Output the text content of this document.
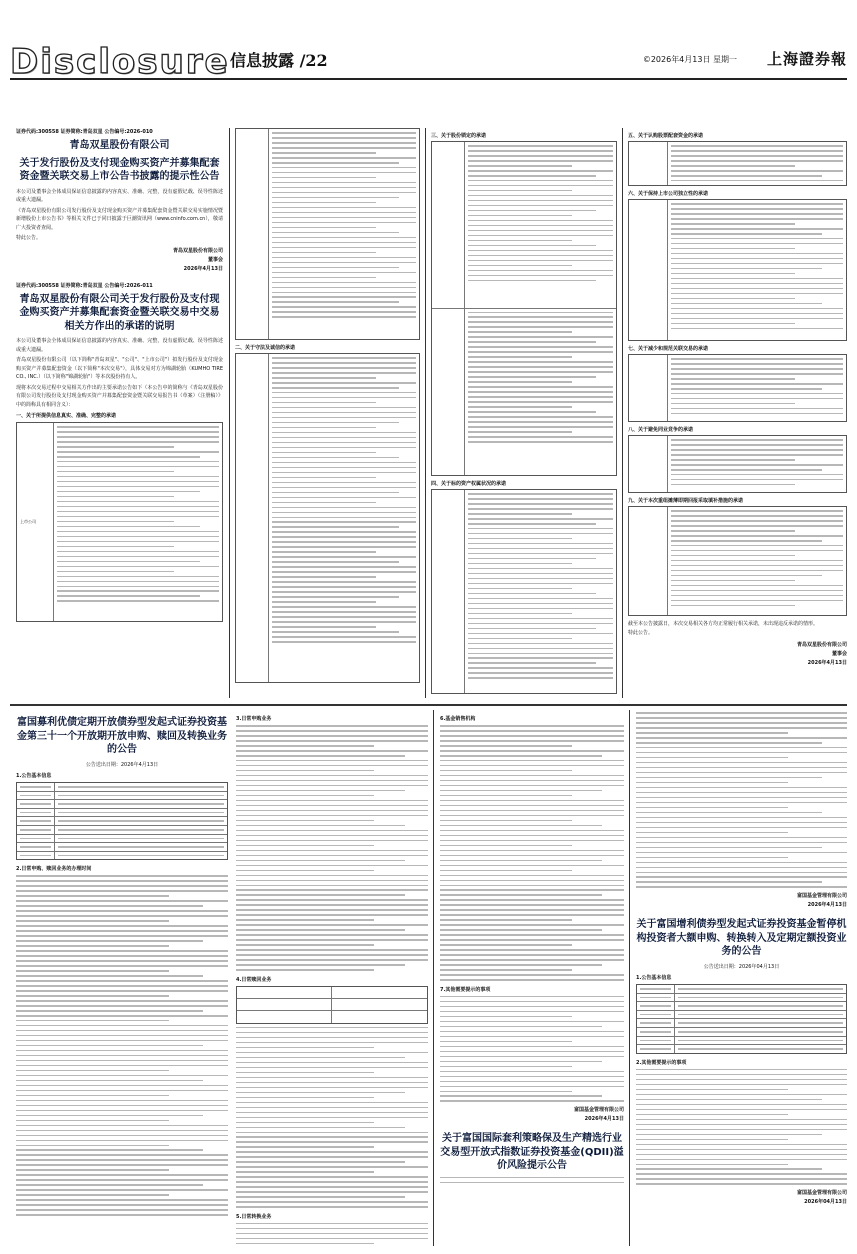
Disclosure 信息披露 /22	©2026年4月13日 星期一 上海證券報
证券代码:300558 证券简称:青岛双星 公告编号:2026-010
青岛双星股份有限公司
关于发行股份及支付现金购买资产并募集配套资金暨关联交易上市公告书披露的提示性公告
本公司及董事会全体成员保证信息披露的内容真实、准确、完整，没有虚假记载、误导性陈述或重大遗漏。
《青岛双星股份有限公司发行股份及支付现金购买资产并募集配套资金暨关联交易实施情况暨新增股份上市公告书》等相关文件已于同日披露于巨潮资讯网（www.cninfo.com.cn），敬请广大投资者查阅。
特此公告。
青岛双星股份有限公司
董事会
2026年4月13日
证券代码:300558 证券简称:青岛双星 公告编号:2026-011
青岛双星股份有限公司关于发行股份及支付现金购买资产并募集配套资金暨关联交易中交易相关方作出的承诺的说明
本公司及董事会全体成员保证信息披露的内容真实、准确、完整，没有虚假记载、误导性陈述或重大遗漏。
青岛双星股份有限公司（以下简称"青岛双星"、"公司"、"上市公司"）拟发行股份及支付现金购买资产并募集配套资金（以下简称"本次交易"），具体交易对方为锦湖轮胎（KUMHO TIRE CO., INC.）（以下简称"锦湖轮胎"）等本次股份持有人。
现将本次交易过程中交易相关方作出的主要承诺公告如下（本公告中的简称与《青岛双星股份有限公司发行股份及支付现金购买资产并募集配套资金暨关联交易报告书（草案）（注册稿）》中的简称具有相同含义）：
一、关于所提供信息真实、准确、完整的承诺
上市公司
二、关于守法及诚信的承诺
三、关于股份锁定的承诺
四、关于标的资产权属状况的承诺
五、关于认购股票配套资金的承诺
六、关于保持上市公司独立性的承诺
七、关于减少和规范关联交易的承诺
八、关于避免同业竞争的承诺
九、关于本次重组摊薄即期回报采取填补措施的承诺
截至本公告披露日，本次交易相关各方均正常履行相关承诺，未出现违反承诺的情形。
特此公告。
青岛双星股份有限公司
董事会
2026年4月13日
富国募利优债定期开放债券型发起式证券投资基金第三十一个开放期开放申购、赎回及转换业务的公告
公告送出日期：2026年4月13日
1.公告基本信息
2.日常申购、赎回业务的办理时间
3.日常申购业务
4.日常赎回业务
5.日常转换业务
6.基金销售机构
7.其他需要提示的事项
富国基金管理有限公司
2026年4月13日
关于富国国际套利策略保及生产精选行业交易型开放式指数证券投资基金(QDII)溢价风险提示公告
富国基金管理有限公司
2026年4月13日
关于富国增利债券型发起式证券投资基金暂停机构投资者大额申购、转换转入及定期定额投资业务的公告
公告送出日期：2026年04月13日
1.公告基本信息
2.其他需要提示的事项
富国基金管理有限公司
2026年04月13日
